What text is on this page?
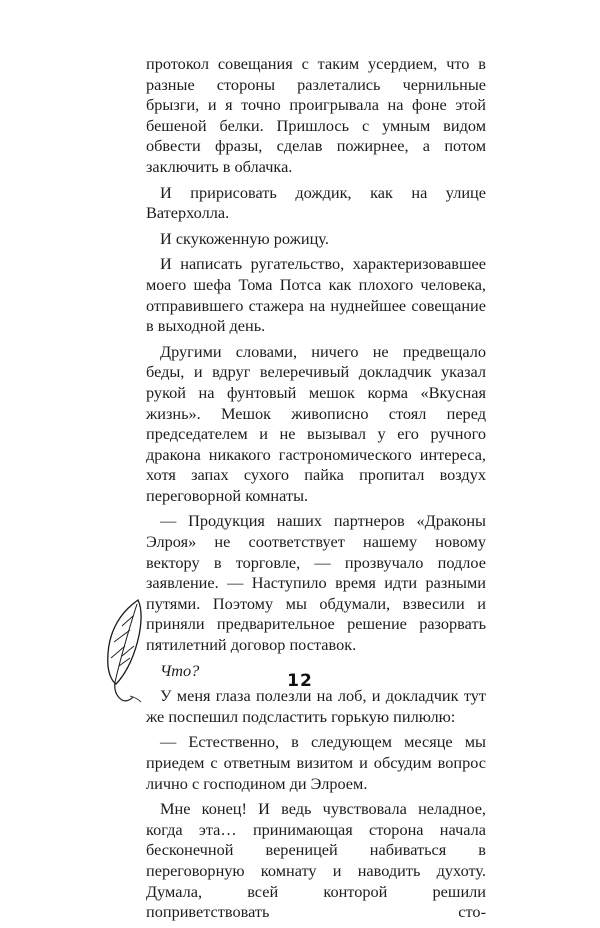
протокол совещания с таким усердием, что в разные стороны разлетались чернильные брызги, и я точно проигрывала на фоне этой бешеной белки. Пришлось с умным видом обвести фразы, сделав пожирнее, а потом заключить в облачка.

И пририсовать дождик, как на улице Ватерхолла.

И скукоженную рожицу.

И написать ругательство, характеризовавшее моего шефа Тома Потса как плохого человека, отправившего стажера на нуднейшее совещание в выходной день.

Другими словами, ничего не предвещало беды, и вдруг велеречивый докладчик указал рукой на фунтовый мешок корма «Вкусная жизнь». Мешок живописно стоял перед председателем и не вызывал у его ручного дракона никакого гастрономического интереса, хотя запах сухого пайка пропитал воздух переговорной комнаты.

— Продукция наших партнеров «Драконы Элроя» не соответствует нашему новому вектору в торговле, — прозвучало подлое заявление. — Наступило время идти разными путями. Поэтому мы обдумали, взвесили и приняли предварительное решение разорвать пятилетний договор поставок.

Что?

У меня глаза полезли на лоб, и докладчик тут же поспешил подсластить горькую пилюлю:

— Естественно, в следующем месяце мы приедем с ответным визитом и обсудим вопрос лично с господином ди Элроем.

Мне конец! И ведь чувствовала неладное, когда эта… принимающая сторона начала бесконечной вереницей набиваться в переговорную комнату и наводить духоту. Думала, всей конторой решили поприветствовать сто-

12
